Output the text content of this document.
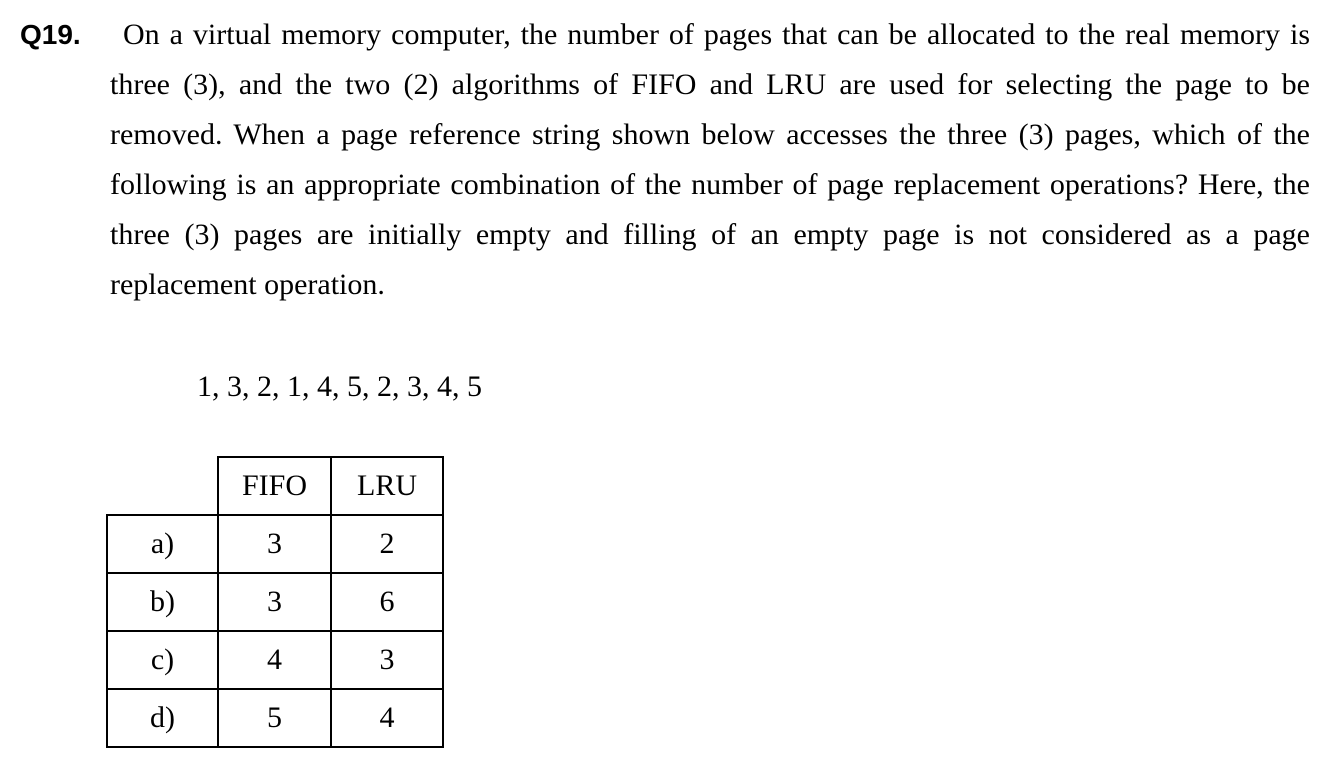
Q19.	On a virtual memory computer, the number of pages that can be allocated to the real memory is three (3), and the two (2) algorithms of FIFO and LRU are used for selecting the page to be removed. When a page reference string shown below accesses the three (3) pages, which of the following is an appropriate combination of the number of page replacement operations? Here, the three (3) pages are initially empty and filling of an empty page is not considered as a page replacement operation.
1, 3, 2, 1, 4, 5, 2, 3, 4, 5
	FIFO	LRU
a)	3	2
b)	3	6
c)	4	3
d)	5	4
